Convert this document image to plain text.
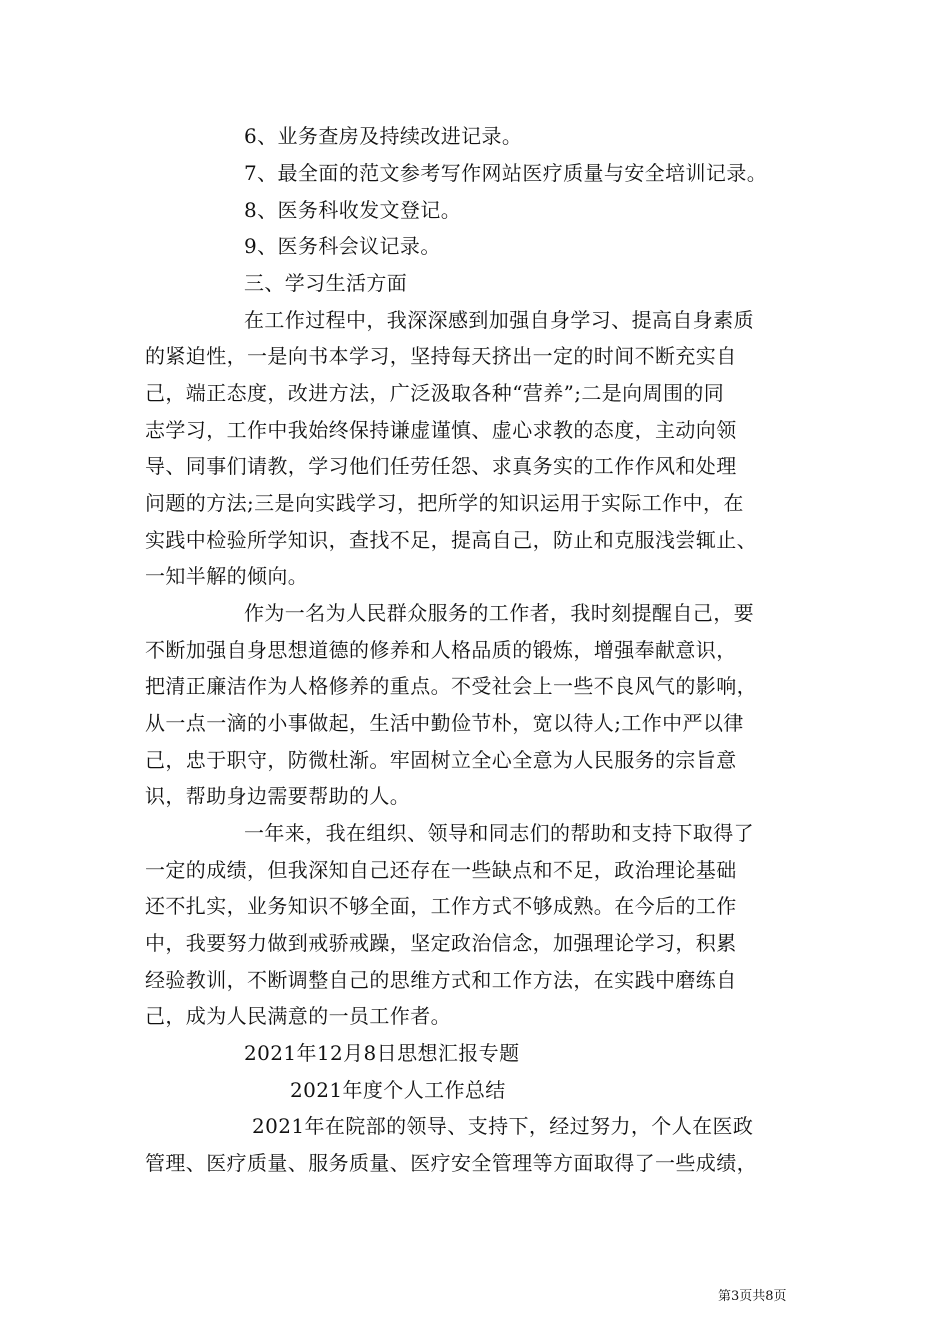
6、业务查房及持续改进记录。
7、最全面的范文参考写作网站医疗质量与安全培训记录。
8、医务科收发文登记。
9、医务科会议记录。
三、学习生活方面
在工作过程中，我深深感到加强自身学习、提高自身素质
的紧迫性，一是向书本学习，坚持每天挤出一定的时间不断充实自
己，端正态度，改进方法，广泛汲取各种“营养”;二是向周围的同
志学习，工作中我始终保持谦虚谨慎、虚心求教的态度，主动向领
导、同事们请教，学习他们任劳任怨、求真务实的工作作风和处理
问题的方法;三是向实践学习，把所学的知识运用于实际工作中，在
实践中检验所学知识，查找不足，提高自己，防止和克服浅尝辄止、
一知半解的倾向。
作为一名为人民群众服务的工作者，我时刻提醒自己，要
不断加强自身思想道德的修养和人格品质的锻炼，增强奉献意识，
把清正廉洁作为人格修养的重点。不受社会上一些不良风气的影响，
从一点一滴的小事做起，生活中勤俭节朴，宽以待人;工作中严以律
己，忠于职守，防微杜渐。牢固树立全心全意为人民服务的宗旨意
识，帮助身边需要帮助的人。
一年来，我在组织、领导和同志们的帮助和支持下取得了
一定的成绩，但我深知自己还存在一些缺点和不足，政治理论基础
还不扎实，业务知识不够全面，工作方式不够成熟。在今后的工作
中，我要努力做到戒骄戒躁，坚定政治信念，加强理论学习，积累
经验教训，不断调整自己的思维方式和工作方法，在实践中磨练自
己，成为人民满意的一员工作者。
2021年12月8日思想汇报专题
2021年度个人工作总结
2021年在院部的领导、支持下，经过努力，个人在医政
管理、医疗质量、服务质量、医疗安全管理等方面取得了一些成绩，
第3页共8页
